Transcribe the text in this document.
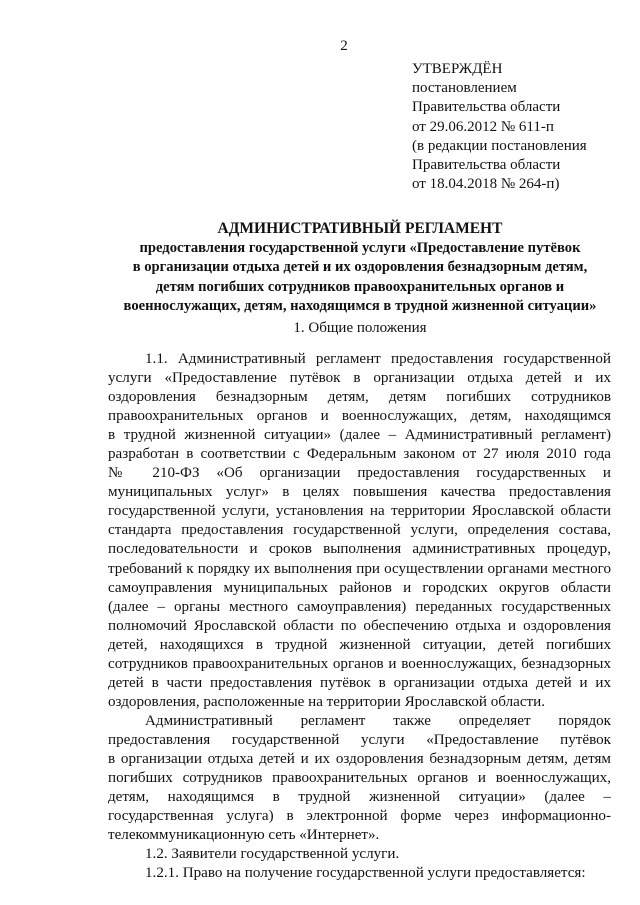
2
УТВЕРЖДЁН
постановлением
Правительства области
от 29.06.2012 № 611-п
(в редакции постановления
Правительства области
от 18.04.2018 № 264-п)
АДМИНИСТРАТИВНЫЙ РЕГЛАМЕНТ
предоставления государственной услуги «Предоставление путёвок
в организации отдыха детей и их оздоровления безнадзорным детям,
детям погибших сотрудников правоохранительных органов и
военнослужащих, детям, находящимся в трудной жизненной ситуации»
1. Общие положения
1.1. Административный регламент предоставления государственной
услуги «Предоставление путёвок в организации отдыха детей и их
оздоровления безнадзорным детям, детям погибших сотрудников
правоохранительных органов и военнослужащих, детям, находящимся
в трудной жизненной ситуации» (далее – Административный регламент)
разработан в соответствии с Федеральным законом от 27 июля 2010 года
№ 210-ФЗ «Об организации предоставления государственных и
муниципальных услуг» в целях повышения качества предоставления
государственной услуги, установления на территории Ярославской области
стандарта предоставления государственной услуги, определения состава,
последовательности и сроков выполнения административных процедур,
требований к порядку их выполнения при осуществлении органами местного
самоуправления муниципальных районов и городских округов области
(далее – органы местного самоуправления) переданных государственных
полномочий Ярославской области по обеспечению отдыха и оздоровления
детей, находящихся в трудной жизненной ситуации, детей погибших
сотрудников правоохранительных органов и военнослужащих, безнадзорных
детей в части предоставления путёвок в организации отдыха детей и их
оздоровления, расположенные на территории Ярославской области.
Административный регламент также определяет порядок
предоставления государственной услуги «Предоставление путёвок
в организации отдыха детей и их оздоровления безнадзорным детям, детям
погибших сотрудников правоохранительных органов и военнослужащих,
детям, находящимся в трудной жизненной ситуации» (далее –
государственная услуга) в электронной форме через информационно-
телекоммуникационную сеть «Интернет».
1.2. Заявители государственной услуги.
1.2.1. Право на получение государственной услуги предоставляется:
